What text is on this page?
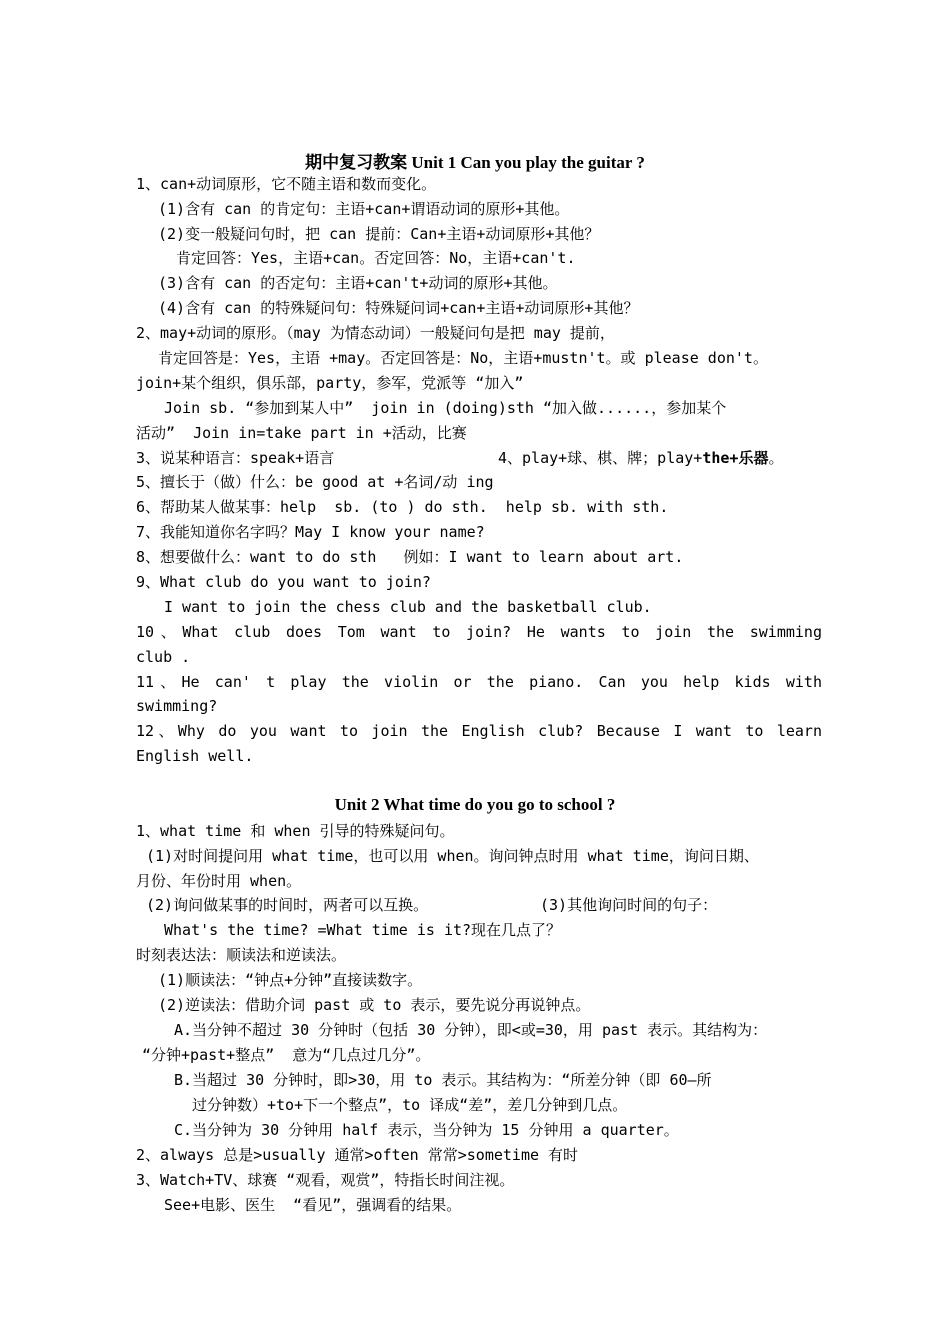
期中复习教案 Unit 1 Can you play the guitar ?
1、can+动词原形，它不随主语和数而变化。
(1)含有 can 的肯定句：主语+can+谓语动词的原形+其他。
(2)变一般疑问句时，把 can 提前：Can+主语+动词原形+其他？
肯定回答：Yes，主语+can。否定回答：No，主语+can't.
(3)含有 can 的否定句：主语+can't+动词的原形+其他。
(4)含有 can 的特殊疑问句：特殊疑问词+can+主语+动词原形+其他？
2、may+动词的原形。（may 为情态动词）一般疑问句是把 may 提前，
肯定回答是：Yes，主语 +may。否定回答是：No，主语+mustn't。或 please don't。
join+某个组织，俱乐部，party，参军，党派等 “加入”
Join sb. “参加到某人中”  join in (doing)sth “加入做......，参加某个
活动”  Join in=take part in +活动，比赛
3、说某种语言：speak+语言	4、play+球、棋、牌；play+the+乐器。
5、擅长于（做）什么：be good at +名词/动 ing
6、帮助某人做某事：help  sb. (to ) do sth.  help sb. with sth.
7、我能知道你名字吗？May I know your name?
8、想要做什么：want to do sth   例如：I want to learn about art.
9、What club do you want to join?
I want to join the chess club and the basketball club.
10、What club does Tom want to join? He wants to join the swimming
club .
11、He can' t play the violin or the piano. Can you help kids with
swimming?
12、Why do you want to join the English club? Because I want to learn
English well.
Unit 2 What time do you go to school ?
1、what time 和 when 引导的特殊疑问句。
(1)对时间提问用 what time，也可以用 when。询问钟点时用 what time，询问日期、
月份、年份时用 when。
(2)询问做某事的时间时，两者可以互换。	(3)其他询问时间的句子：
What's the time? =What time is it?现在几点了？
时刻表达法：顺读法和逆读法。
(1)顺读法：“钟点+分钟”直接读数字。
(2)逆读法：借助介词 past 或 to 表示，要先说分再说钟点。
A.当分钟不超过 30 分钟时（包括 30 分钟），即<或=30，用 past 表示。其结构为：
“分钟+past+整点”  意为“几点过几分”。
B.当超过 30 分钟时，即>30，用 to 表示。其结构为：“所差分钟（即 60—所
过分钟数）+to+下一个整点”，to 译成“差”，差几分钟到几点。
C.当分钟为 30 分钟用 half 表示，当分钟为 15 分钟用 a quarter。
2、always 总是>usually 通常>often 常常>sometime 有时
3、Watch+TV、球赛 “观看，观赏”，特指长时间注视。
See+电影、医生  “看见”，强调看的结果。
